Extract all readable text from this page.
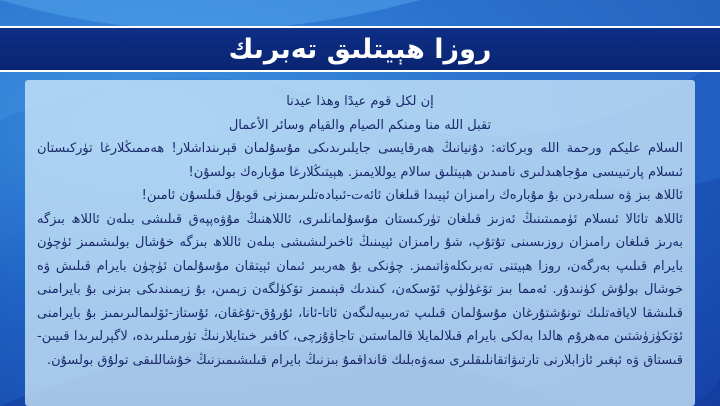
روزا ھېيتلىق تەبرىك
إن لكل قوم عيدًا وهذا عيدنا
تقبل الله منا ومنكم الصيام والقيام وسائر الأعمال
السلام عليكم ورحمة الله وبركاته: دۇنيانىڭ ھەرقايسى جايلىرىدىكى مۇسۇلمان قېرىنداشلار! ھەممىڭلارغا تۈركىستان ئىسلام پارتىيىسى مۇجاھىدلىرى نامىدىن ھېيتلىق سالام يوللايمىز. ھېيتىڭلارغا مۇبارەك بولسۇن!
ئاللاھ بىز ۋە سىلەردىن بۇ مۇبارەك رامىزان ئېيىدا قىلغان ئائەت-ئىبادەتلىرىمىزنى قوبۇل قىلسۇن ئامىن!
ئاللاھ تائالا ئىسلام ئۈممىتىنىڭ ئەزىز قىلغان تۈركىستان مۇسۇلمانلىرى، ئاللاھنىڭ مۇۋەپپەق قىلىشى بىلەن ئاللاھ بىزگە بەرىز قىلغان رامىزان روزىسىنى تۇتۇپ، شۇ رامىزان ئېيىنىڭ ئاخىرلىشىشى بىلەن ئاللاھ بىزگە خۇشال بولىشىمىز ئۈچۈن بايرام قىلىپ بەرگەن، روزا ھېيتنى تەبرىكلەۋاتىمىز. چۈنكى بۇ ھەربىر ئىمان ئېيتقان مۇسۇلمان ئۈچۈن بايرام قىلىش ۋە خوشال بولۇش كۈنىدۇر. ئەمما بىز تۆغۈلۈپ ئۆسكەن، كىندىك قېنىمىز تۆكۈلگەن زېمىن، بۇ زېمىندىكى بىزنى بۇ بايرامنى قىلىشقا لاياقەتلىك تونۇشتۇرغان مۇسۇلمان قىلىپ تەربىيەلىگەن ئاتا-ئانا، ئۇرۇق-تۇغقان، ئۇستاز-ئۆلىمالىرىمىز بۇ بايرامنى ئۆتكۈزۈشتىن مەھرۇم ھالدا بەلكى بايرام قىلالمايلا قالماستىن تاجاۋۇزچى، كافىر خىتايلارنىڭ تۈرمىلىرىدە، لاگېرلىرىدا قىيىن-قىستاق ۋە ئېغىر ئازابلارنى تارتىۋاتقانلىقلىرى سەۋەبلىك قانداقمۇ بىزنىڭ بايرام قىلىشىمىزنىڭ خۇشاللىقى تولۇق بولسۇن.
